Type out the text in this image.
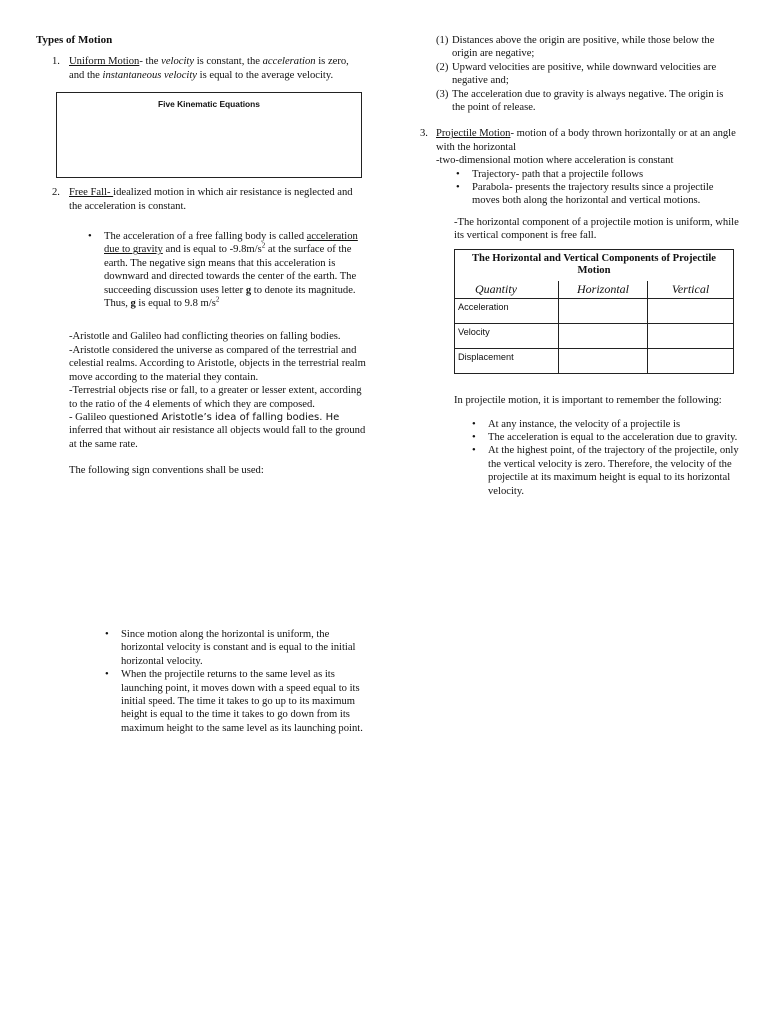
Types of Motion
1. Uniform Motion- the velocity is constant, the acceleration is zero, and the instantaneous velocity is equal to the average velocity.
Five Kinematic Equations
2. Free Fall- idealized motion in which air resistance is neglected and the acceleration is constant.
• The acceleration of a free falling body is called acceleration due to gravity and is equal to $-9.8m/s^2$ at the surface of the earth. The negative sign means that this acceleration is downward and directed towards the center of the earth. The succeeding discussion uses letter g to denote its magnitude. Thus, g is equal to 9.8 $m/s^2$

-Aristotle and Galileo had conflicting theories on falling bodies.

-Aristotle considered the universe as compared of the terrestrial and celestial realms. According to Aristotle, objects in the terrestrial realm move according to the material they contain.

-Terrestrial objects rise or fall, to a greater or lesser extent, according to the ratio of the 4 elements of which they are composed.

- Galileo questioned Aristotle’s idea of falling bodies. He inferred that without air resistance all objects would fall to the ground at the same rate.

The following sign conventions shall be used:

• Since motion along the horizontal is uniform, the horizontal velocity is constant and is equal to the initial horizontal velocity.
• When the projectile returns to the same level as its launching point, it moves down with a speed equal to its initial speed. The time it takes to go up to its maximum height is equal to the time it takes to go down from its maximum height to the same level as its launching point.
(1) Distances above the origin are positive, while those below the origin are negative;
(2) Upward velocities are positive, while downward velocities are negative and;
(3) The acceleration due to gravity is always negative. The origin is the point of release.
3. Projectile Motion- motion of a body thrown horizontally or at an angle with the horizontal
-two-dimensional motion where acceleration is constant
• Trajectory- path that a projectile follows
• Parabola- presents the trajectory results since a projectile moves both along the horizontal and vertical motions.

-The horizontal component of a projectile motion is uniform, while its vertical component is free fall.

The Horizontal and Vertical Components of Projectile Motion		
Quantity	Horizontal	Vertical
Acceleration		
Velocity		
Displacement		

In projectile motion, it is important to remember the following:

• At any instance, the velocity of a projectile is
• The acceleration is equal to the acceleration due to gravity.
• At the highest point, of the trajectory of the projectile, only the vertical velocity is zero. Therefore, the velocity of the projectile at its maximum height is equal to its horizontal velocity.
